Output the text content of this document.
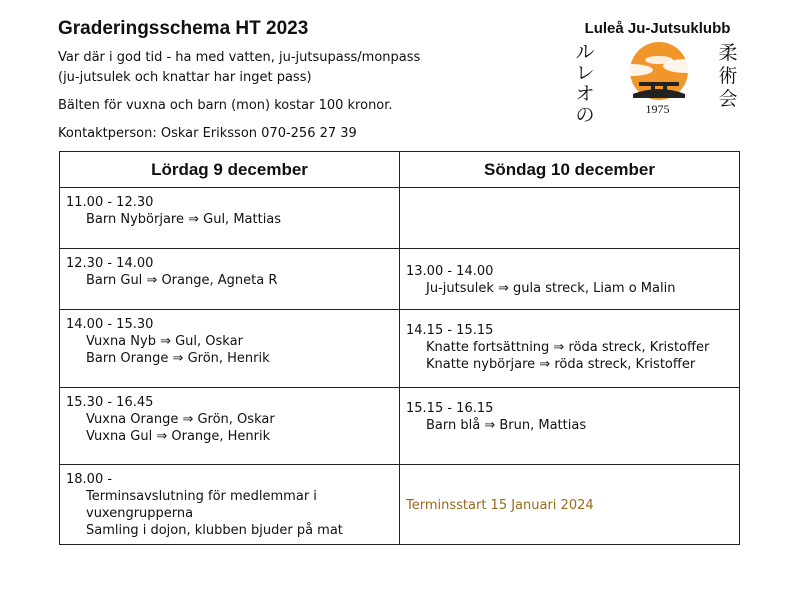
Graderingsschema HT 2023

Var där i god tid - ha med vatten, ju-jutsupass/monpass

(ju-jutsulek och knattar har inget pass)

Bälten för vuxna och barn (mon) kostar 100 kronor.

Kontaktperson: Oskar Eriksson 070-256 27 39

Luleå Ju-Jutsuklubb
ル
レ
オ
の
柔
術
会
1975
Lördag 9 december	Söndag 10 december

11.00 - 12.30
Barn Nybörjare ⇒ Gul, Mattias	

12.30 - 14.00
Barn Gul ⇒ Orange, Agneta R	13.00 - 14.00
Ju-jutsulek ⇒ gula streck, Liam o Malin

14.00 - 15.30
Vuxna Nyb ⇒ Gul, Oskar
Barn Orange ⇒ Grön, Henrik	14.15 - 15.15
Knatte fortsättning ⇒ röda streck, Kristoffer
Knatte nybörjare ⇒ röda streck, Kristoffer

15.30 - 16.45
Vuxna Orange ⇒ Grön, Oskar
Vuxna Gul ⇒ Orange, Henrik	15.15 - 16.15
Barn blå ⇒ Brun, Mattias

18.00 -
Terminsavslutning för medlemmar i vuxengrupperna
Samling i dojon, klubben bjuder på mat	Terminsstart 15 Januari 2024
